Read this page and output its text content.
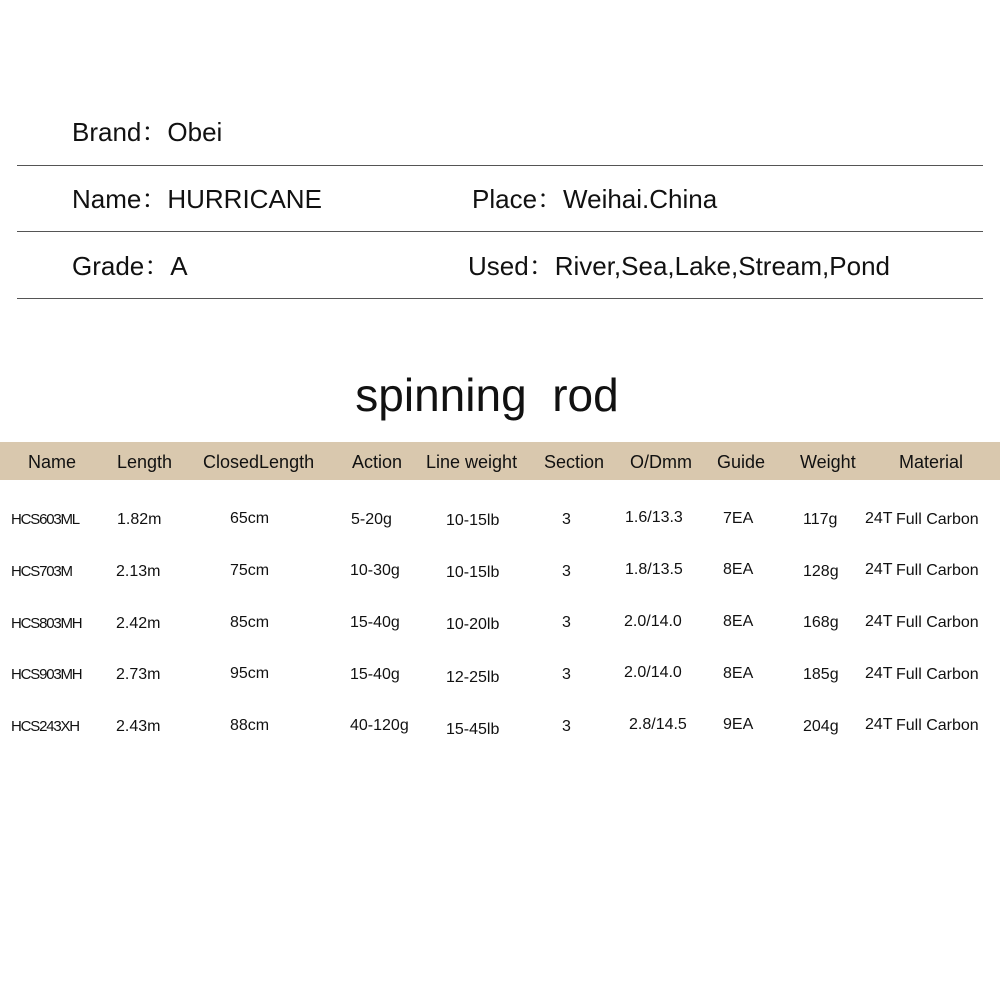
Brand：Obei
Name：HURRICANE	Place：Weihai.China
Grade：A	Used：River,Sea,Lake,Stream,Pond
spinning  rod
Name Length ClosedLength Action Line weight Section O/Dmm Guide Weight Material
HCS603ML 1.82m	65cm	5-20g	10-15lb	3	1.6/13.3	7EA	117g 24T Full Carbon
HCS703M	2.13m	75cm	10-30g	10-15lb	3	1.8/13.5	8EA	128g 24T Full Carbon
HCS803MH 2.42m	85cm	15-40g	10-20lb	3	2.0/14.0	8EA	168g 24T Full Carbon
HCS903MH 2.73m	95cm	15-40g	12-25lb	3	2.0/14.0	8EA	185g 24T Full Carbon
HCS243XH 2.43m	88cm	40-120g 15-45lb	3	2.8/14.5 9EA	204g 24T Full Carbon
